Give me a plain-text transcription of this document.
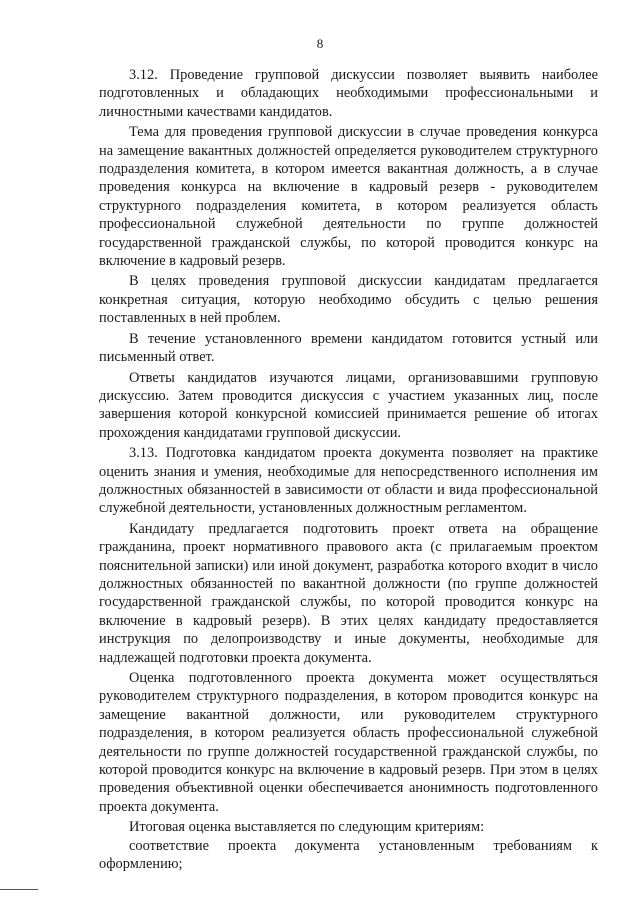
8

3.12. Проведение групповой дискуссии позволяет выявить наиболее подготовленных и обладающих необходимыми профессиональными и личностными качествами кандидатов.

Тема для проведения групповой дискуссии в случае проведения конкурса на замещение вакантных должностей определяется руководителем структурного подразделения комитета, в котором имеется вакантная должность, а в случае проведения конкурса на включение в кадровый резерв - руководителем структурного подразделения комитета, в котором реализуется область профессиональной служебной деятельности по группе должностей государственной гражданской службы, по которой проводится конкурс на включение в кадровый резерв.

В целях проведения групповой дискуссии кандидатам предлагается конкретная ситуация, которую необходимо обсудить с целью решения поставленных в ней проблем.

В течение установленного времени кандидатом готовится устный или письменный ответ.

Ответы кандидатов изучаются лицами, организовавшими групповую дискуссию. Затем проводится дискуссия с участием указанных лиц, после завершения которой конкурсной комиссией принимается решение об итогах прохождения кандидатами групповой дискуссии.

3.13. Подготовка кандидатом проекта документа позволяет на практике оценить знания и умения, необходимые для непосредственного исполнения им должностных обязанностей в зависимости от области и вида профессиональной служебной деятельности, установленных должностным регламентом.

Кандидату предлагается подготовить проект ответа на обращение гражданина, проект нормативного правового акта (с прилагаемым проектом пояснительной записки) или иной документ, разработка которого входит в число должностных обязанностей по вакантной должности (по группе должностей государственной гражданской службы, по которой проводится конкурс на включение в кадровый резерв). В этих целях кандидату предоставляется инструкция по делопроизводству и иные документы, необходимые для надлежащей подготовки проекта документа.

Оценка подготовленного проекта документа может осуществляться руководителем структурного подразделения, в котором проводится конкурс на замещение вакантной должности, или руководителем структурного подразделения, в котором реализуется область профессиональной служебной деятельности по группе должностей государственной гражданской службы, по которой проводится конкурс на включение в кадровый резерв. При этом в целях проведения объективной оценки обеспечивается анонимность подготовленного проекта документа.

Итоговая оценка выставляется по следующим критериям:

соответствие проекта документа установленным требованиям к оформлению;
